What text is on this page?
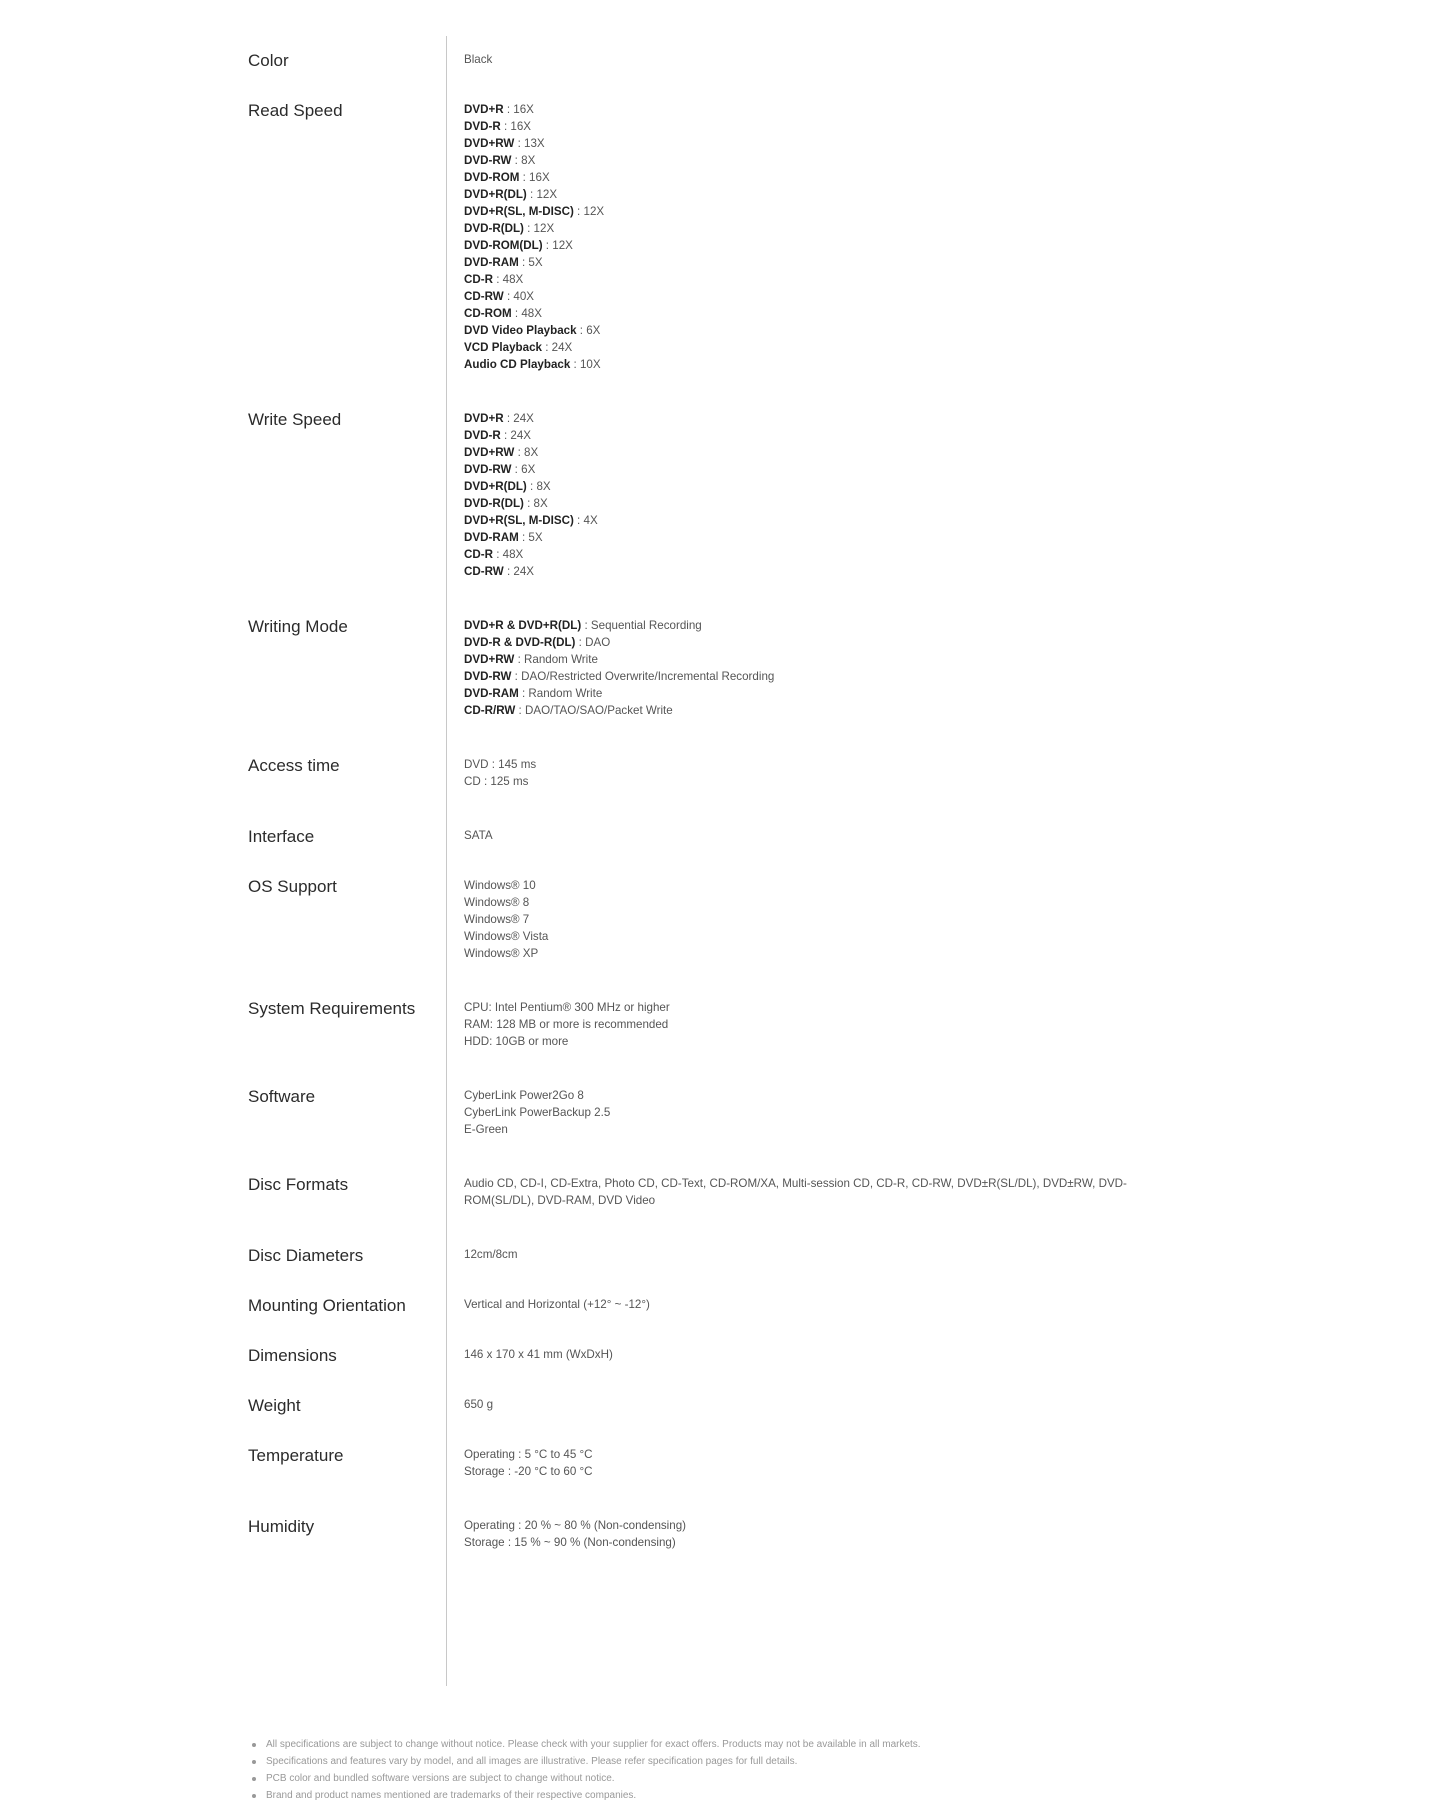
Color	Black
Read Speed	DVD+R : 16X
DVD-R : 16X
DVD+RW : 13X
DVD-RW : 8X
DVD-ROM : 16X
DVD+R(DL) : 12X
DVD+R(SL, M-DISC) : 12X
DVD-R(DL) : 12X
DVD-ROM(DL) : 12X
DVD-RAM : 5X
CD-R : 48X
CD-RW : 40X
CD-ROM : 48X
DVD Video Playback : 6X
VCD Playback : 24X
Audio CD Playback : 10X
Write Speed	DVD+R : 24X
DVD-R : 24X
DVD+RW : 8X
DVD-RW : 6X
DVD+R(DL) : 8X
DVD-R(DL) : 8X
DVD+R(SL, M-DISC) : 4X
DVD-RAM : 5X
CD-R : 48X
CD-RW : 24X
Writing Mode	DVD+R & DVD+R(DL) : Sequential Recording
DVD-R & DVD-R(DL) : DAO
DVD+RW : Random Write
DVD-RW : DAO/Restricted Overwrite/Incremental Recording
DVD-RAM : Random Write
CD-R/RW : DAO/TAO/SAO/Packet Write
Access time	DVD : 145 ms
CD : 125 ms
Interface	SATA
OS Support	Windows® 10
Windows® 8
Windows® 7
Windows® Vista
Windows® XP
System Requirements	CPU: Intel Pentium® 300 MHz or higher
RAM: 128 MB or more is recommended
HDD: 10GB or more
Software	CyberLink Power2Go 8
CyberLink PowerBackup 2.5
E-Green
Disc Formats	Audio CD, CD-I, CD-Extra, Photo CD, CD-Text, CD-ROM/XA, Multi-session CD, CD-R, CD-RW, DVD±R(SL/DL), DVD±RW, DVD-ROM(SL/DL), DVD-RAM, DVD Video
Disc Diameters	12cm/8cm
Mounting Orientation	Vertical and Horizontal (+12° ~ -12°)
Dimensions	146 x 170 x 41 mm (WxDxH)
Weight	650 g
Temperature	Operating : 5 °C to 45 °C
Storage : -20 °C to 60 °C
Humidity	Operating : 20 % ~ 80 % (Non-condensing)
Storage : 15 % ~ 90 % (Non-condensing)
All specifications are subject to change without notice. Please check with your supplier for exact offers. Products may not be available in all markets.
Specifications and features vary by model, and all images are illustrative. Please refer specification pages for full details.
PCB color and bundled software versions are subject to change without notice.
Brand and product names mentioned are trademarks of their respective companies.
